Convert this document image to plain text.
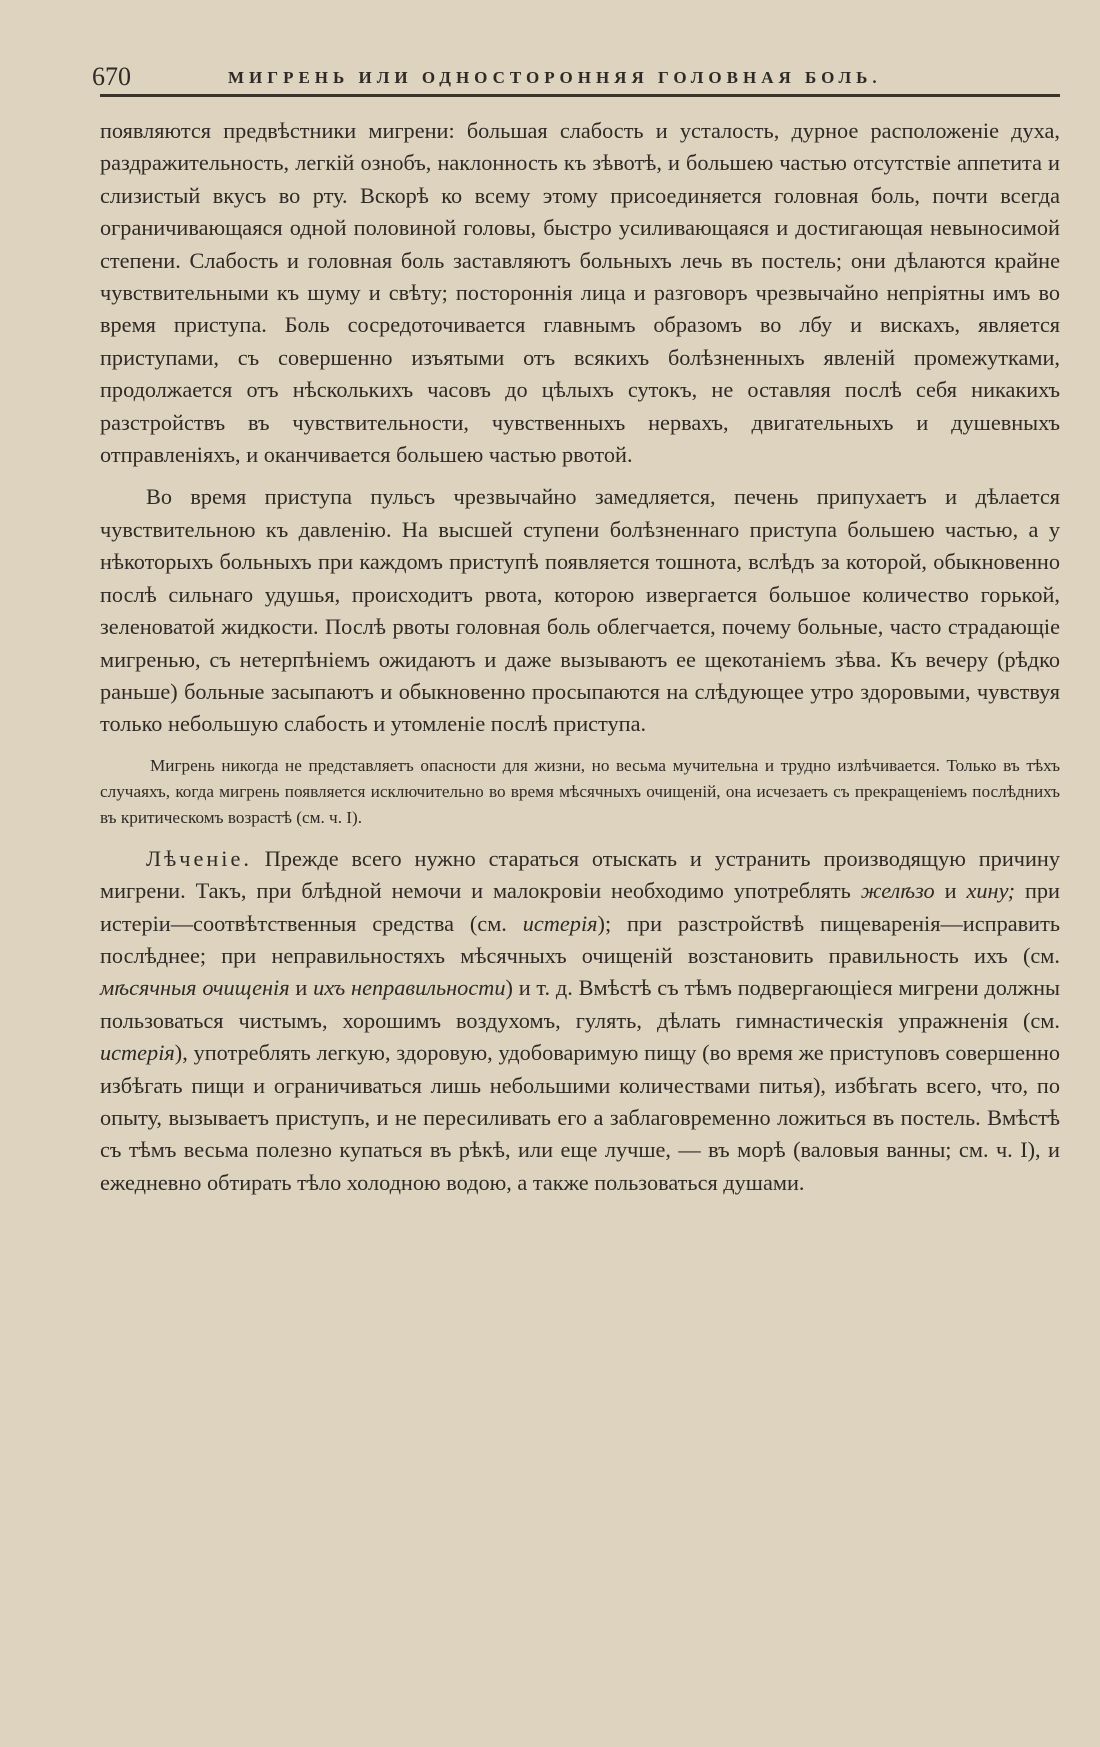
670	МИГРЕНЬ ИЛИ ОДНОСТОРОННЯЯ ГОЛОВНАЯ БОЛЬ.

появляются предвѣстники мигрени: большая слабость и усталость, дурное расположеніе духа, раздражительность, легкій ознобъ, наклонность къ зѣвотѣ, и большею частью отсутствіе аппетита и слизистый вкусъ во рту. Вскорѣ ко всему этому присоединяется головная боль, почти всегда ограничивающаяся одной половиной головы, быстро усиливающаяся и достигающая невыносимой степени. Слабость и головная боль заставляютъ больныхъ лечь въ постель; они дѣлаются крайне чувствительными къ шуму и свѣту; постороннія лица и разговоръ чрезвычайно непріятны имъ во время приступа. Боль сосредоточивается главнымъ образомъ во лбу и вискахъ, является приступами, съ совершенно изъятыми отъ всякихъ болѣзненныхъ явленій промежутками, продолжается отъ нѣсколькихъ часовъ до цѣлыхъ сутокъ, не оставляя послѣ себя никакихъ разстройствъ въ чувствительности, чувственныхъ нервахъ, двигательныхъ и душевныхъ отправленіяхъ, и оканчивается большею частью рвотой.

Во время приступа пульсъ чрезвычайно замедляется, печень припухаетъ и дѣлается чувствительною къ давленію. На высшей ступени болѣзненнаго приступа большею частью, а у нѣкоторыхъ больныхъ при каждомъ приступѣ появляется тошнота, вслѣдъ за которой, обыкновенно послѣ сильнаго удушья, происходитъ рвота, которою извергается большое количество горькой, зеленоватой жидкости. Послѣ рвоты головная боль облегчается, почему больные, часто страдающіе мигренью, съ нетерпѣніемъ ожидаютъ и даже вызываютъ ее щекотаніемъ зѣва. Къ вечеру (рѣдко раньше) больные засыпаютъ и обыкновенно просыпаются на слѣдующее утро здоровыми, чувствуя только небольшую слабость и утомленіе послѣ приступа.

Мигрень никогда не представляетъ опасности для жизни, но весьма мучительна и трудно излѣчивается. Только въ тѣхъ случаяхъ, когда мигрень появляется исключительно во время мѣсячныхъ очищеній, она исчезаетъ съ прекращеніемъ послѣднихъ въ критическомъ возрастѣ (см. ч. I).

Лѣченіе. Прежде всего нужно стараться отыскать и устранить производящую причину мигрени. Такъ, при блѣдной немочи и малокровіи необходимо употреблять желѣзо и хину; при истеріи—соотвѣтственныя средства (см. истерія); при разстройствѣ пищеваренія—исправить послѣднее; при неправильностяхъ мѣсячныхъ очищеній возстановить правильность ихъ (см. мѣсячныя очищенія и ихъ неправильности) и т. д. Вмѣстѣ съ тѣмъ подвергающіеся мигрени должны пользоваться чистымъ, хорошимъ воздухомъ, гулять, дѣлать гимнастическія упражненія (см. истерія), употреблять легкую, здоровую, удобоваримую пищу (во время же приступовъ совершенно избѣгать пищи и ограничиваться лишь небольшими количествами питья), избѣгать всего, что, по опыту, вызываетъ приступъ, и не пересиливать его а заблаговременно ложиться въ постель. Вмѣстѣ съ тѣмъ весьма полезно купаться въ рѣкѣ, или еще лучше, — въ морѣ (валовыя ванны; см. ч. I), и ежедневно обтирать тѣло холодною водою, а также пользоваться душами.
